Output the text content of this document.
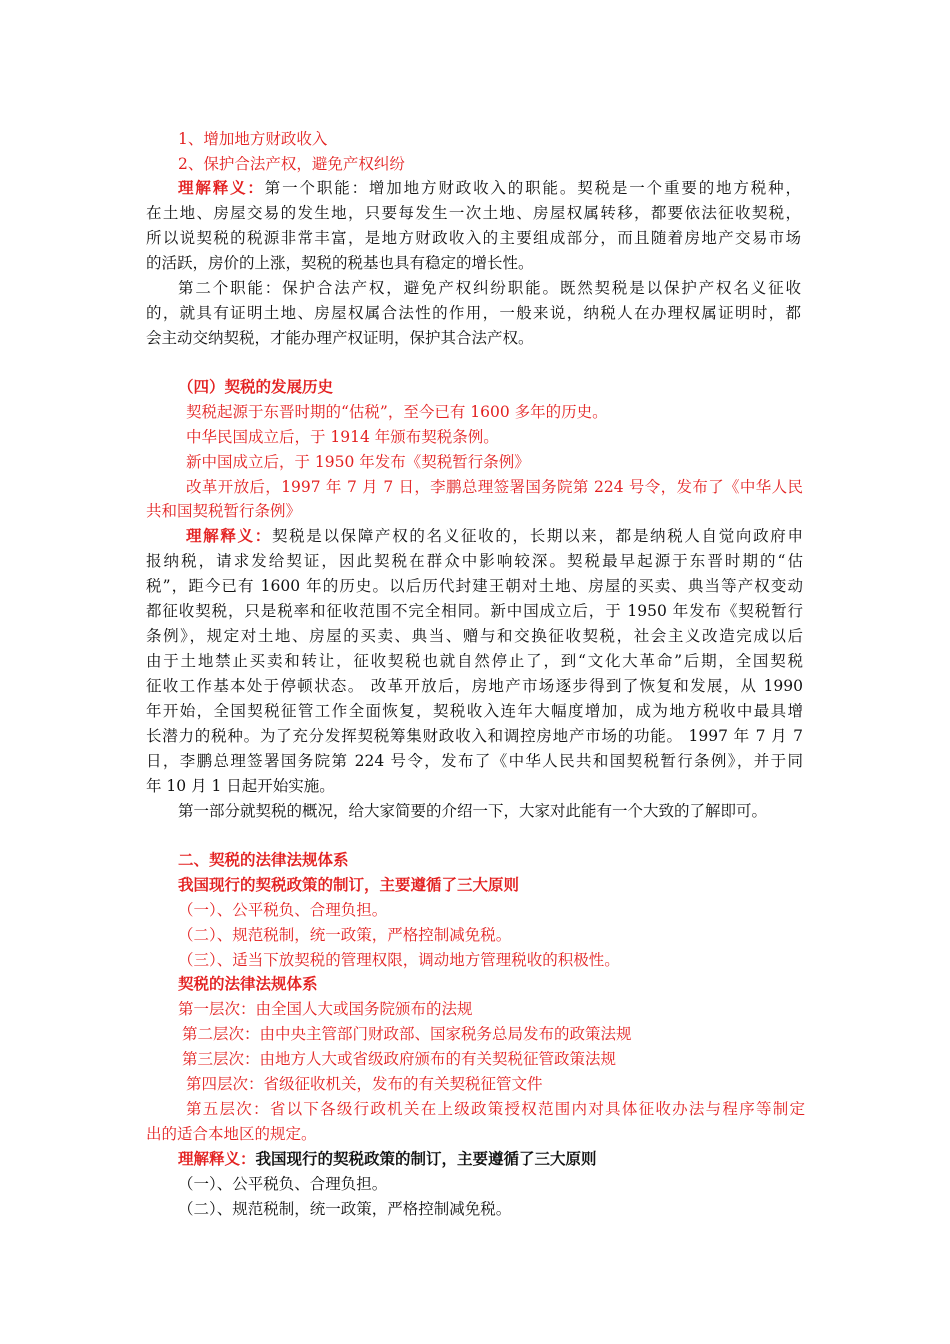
1、增加地方财政收入
2、保护合法产权，避免产权纠纷
理解释义：第一个职能：增加地方财政收入的职能。契税是一个重要的地方税种，
在土地、房屋交易的发生地，只要每发生一次土地、房屋权属转移，都要依法征收契税，
所以说契税的税源非常丰富，是地方财政收入的主要组成部分，而且随着房地产交易市场
的活跃，房价的上涨，契税的税基也具有稳定的增长性。
第二个职能：保护合法产权，避免产权纠纷职能。既然契税是以保护产权名义征收
的，就具有证明土地、房屋权属合法性的作用，一般来说，纳税人在办理权属证明时，都
会主动交纳契税，才能办理产权证明，保护其合法产权。
（四）契税的发展历史
契税起源于东晋时期的“估税”，至今已有 1600 多年的历史。
中华民国成立后，于 1914 年颁布契税条例。
新中国成立后，于 1950 年发布《契税暂行条例》
改革开放后，1997 年 7 月 7 日，李鹏总理签署国务院第 224 号令，发布了《中华人民
共和国契税暂行条例》
理解释义：契税是以保障产权的名义征收的，长期以来，都是纳税人自觉向政府申
报纳税，请求发给契证，因此契税在群众中影响较深。契税最早起源于东晋时期的“估
税”，距今已有 1600 年的历史。以后历代封建王朝对土地、房屋的买卖、典当等产权变动
都征收契税，只是税率和征收范围不完全相同。新中国成立后，于 1950 年发布《契税暂行
条例》，规定对土地、房屋的买卖、典当、赠与和交换征收契税，社会主义改造完成以后
由于土地禁止买卖和转让，征收契税也就自然停止了，到“文化大革命”后期，全国契税
征收工作基本处于停顿状态。 改革开放后，房地产市场逐步得到了恢复和发展，从 1990
年开始，全国契税征管工作全面恢复，契税收入连年大幅度增加，成为地方税收中最具增
长潜力的税种。为了充分发挥契税筹集财政收入和调控房地产市场的功能。 1997 年 7 月 7
日，李鹏总理签署国务院第 224 号令，发布了《中华人民共和国契税暂行条例》，并于同
年 10 月 1 日起开始实施。
第一部分就契税的概况，给大家简要的介绍一下，大家对此能有一个大致的了解即可。
二、契税的法律法规体系
我国现行的契税政策的制订，主要遵循了三大原则
（一）、公平税负、合理负担。
（二）、规范税制，统一政策，严格控制减免税。
（三）、适当下放契税的管理权限，调动地方管理税收的积极性。
契税的法律法规体系
第一层次：由全国人大或国务院颁布的法规
第二层次：由中央主管部门财政部、国家税务总局发布的政策法规
第三层次：由地方人大或省级政府颁布的有关契税征管政策法规
第四层次：省级征收机关，发布的有关契税征管文件
第五层次：省以下各级行政机关在上级政策授权范围内对具体征收办法与程序等制定
出的适合本地区的规定。
理解释义：我国现行的契税政策的制订，主要遵循了三大原则
（一）、公平税负、合理负担。
（二）、规范税制，统一政策，严格控制减免税。
